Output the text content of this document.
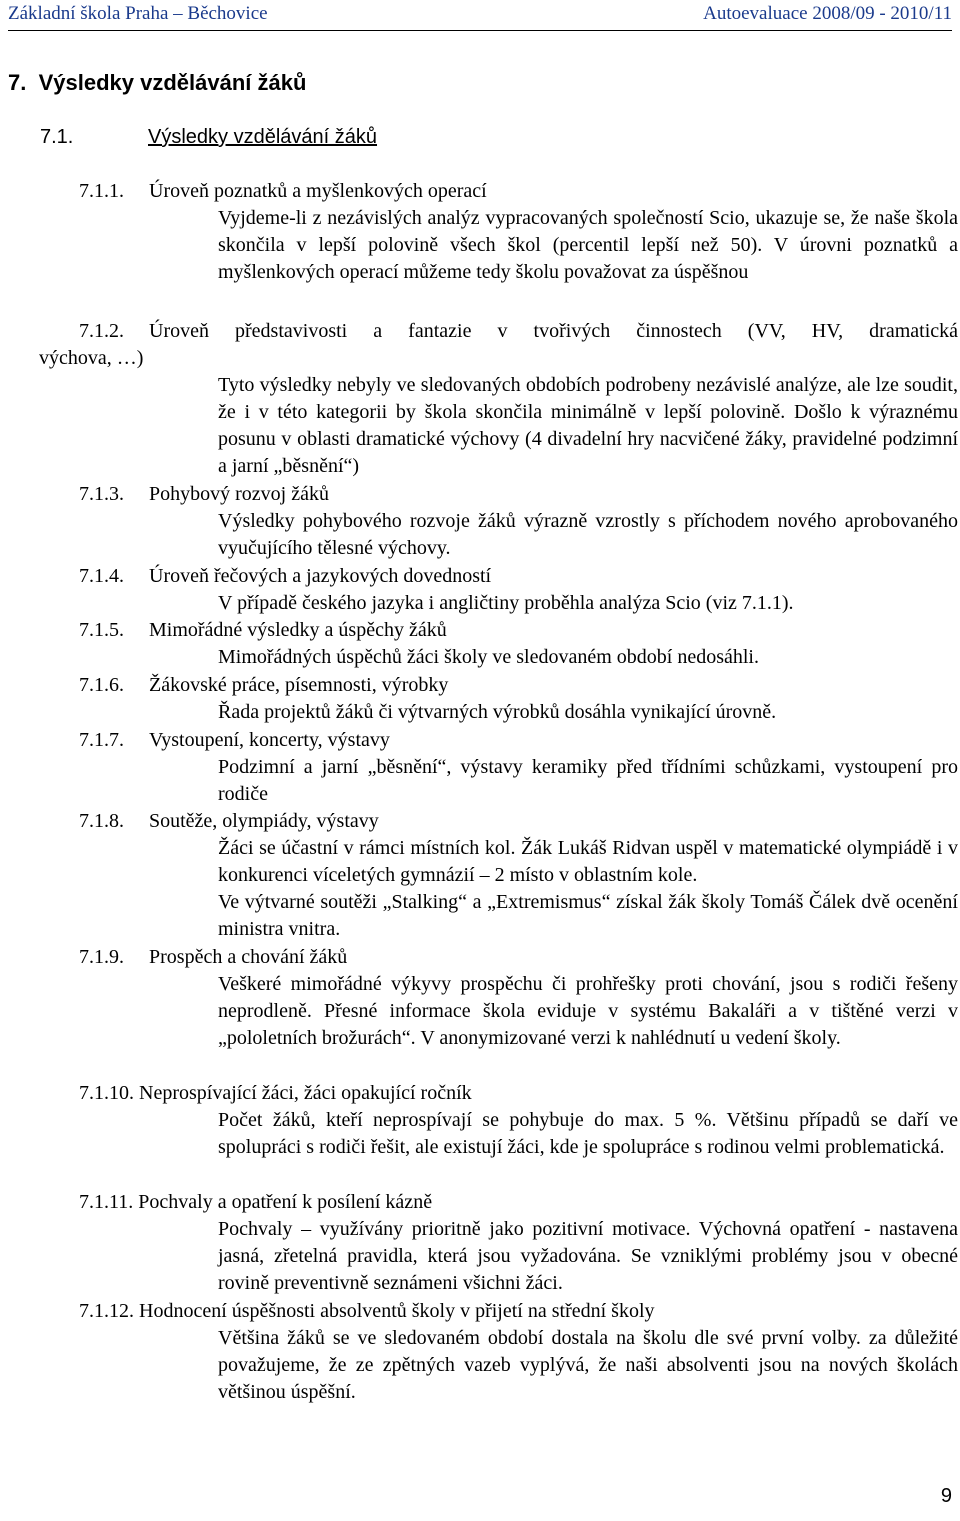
Základní škola Praha – Běchovice	Autoevaluace 2008/09 - 2010/11
7. Výsledky vzdělávání žáků
7.1.	Výsledky vzdělávání žáků
7.1.1. Úroveň poznatků a myšlenkových operací

Vyjdeme-li z nezávislých analýz vypracovaných společností Scio, ukazuje se, že naše škola skončila v lepší polovině všech škol (percentil lepší než 50). V úrovni poznatků a myšlenkových operací můžeme tedy školu považovat za úspěšnou

7.1.2. Úroveň představivosti a fantazie v tvořivých činnostech (VV, HV, dramatická
výchova, …)

Tyto výsledky nebyly ve sledovaných obdobích podrobeny nezávislé analýze, ale lze soudit, že i v této kategorii by škola skončila minimálně v lepší polovině. Došlo k výraznému posunu v oblasti dramatické výchovy (4 divadelní hry nacvičené žáky, pravidelné podzimní a jarní „běsnění“)

7.1.3. Pohybový rozvoj žáků

Výsledky pohybového rozvoje žáků výrazně vzrostly s příchodem nového aprobovaného vyučujícího tělesné výchovy.

7.1.4. Úroveň řečových a jazykových dovedností

V případě českého jazyka i angličtiny proběhla analýza Scio (viz 7.1.1).

7.1.5. Mimořádné výsledky a úspěchy žáků

Mimořádných úspěchů žáci školy ve sledovaném období nedosáhli.

7.1.6. Žákovské práce, písemnosti, výrobky

Řada projektů žáků či výtvarných výrobků dosáhla vynikající úrovně.

7.1.7. Vystoupení, koncerty, výstavy

Podzimní a jarní „běsnění“, výstavy keramiky před třídními schůzkami, vystoupení pro rodiče

7.1.8. Soutěže, olympiády, výstavy

Žáci se účastní v rámci místních kol. Žák Lukáš Ridvan uspěl v matematické olympiádě i v konkurenci víceletých gymnázií – 2 místo v oblastním kole.

Ve výtvarné soutěži „Stalking“ a „Extremismus“ získal žák školy Tomáš Čálek dvě ocenění ministra vnitra.

7.1.9. Prospěch a chování žáků

Veškeré mimořádné výkyvy prospěchu či prohřešky proti chování, jsou s rodiči řešeny neprodleně. Přesné informace škola eviduje v systému Bakaláři a v tištěné verzi v „pololetních brožurách“. V anonymizované verzi k nahlédnutí u vedení školy.

7.1.10. Neprospívající žáci, žáci opakující ročník

Počet žáků, kteří neprospívají se pohybuje do max. 5 %. Většinu případů se daří ve spolupráci s rodiči řešit, ale existují žáci, kde je spolupráce s rodinou velmi problematická.

7.1.11. Pochvaly a opatření k posílení kázně

Pochvaly – využívány prioritně jako pozitivní motivace. Výchovná opatření - nastavena jasná, zřetelná pravidla, která jsou vyžadována. Se vzniklými problémy jsou v obecné rovině preventivně seznámeni všichni žáci.

7.1.12. Hodnocení úspěšnosti absolventů školy v přijetí na střední školy

Většina žáků se ve sledovaném období dostala na školu dle své první volby. za důležité považujeme, že ze zpětných vazeb vyplývá, že naši absolventi jsou na nových školách většinou úspěšní.

9
